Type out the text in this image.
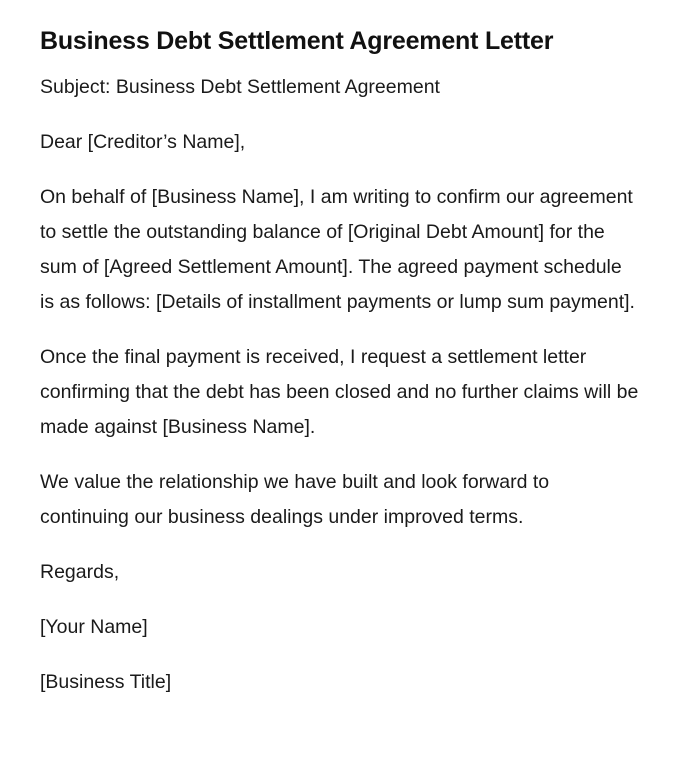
Business Debt Settlement Agreement Letter

Subject: Business Debt Settlement Agreement

Dear [Creditor’s Name],

On behalf of [Business Name], I am writing to confirm our agreement to settle the outstanding balance of [Original Debt Amount] for the sum of [Agreed Settlement Amount]. The agreed payment schedule is as follows: [Details of installment payments or lump sum payment].

Once the final payment is received, I request a settlement letter confirming that the debt has been closed and no further claims will be made against [Business Name].

We value the relationship we have built and look forward to continuing our business dealings under improved terms.

Regards,

[Your Name]

[Business Title]
